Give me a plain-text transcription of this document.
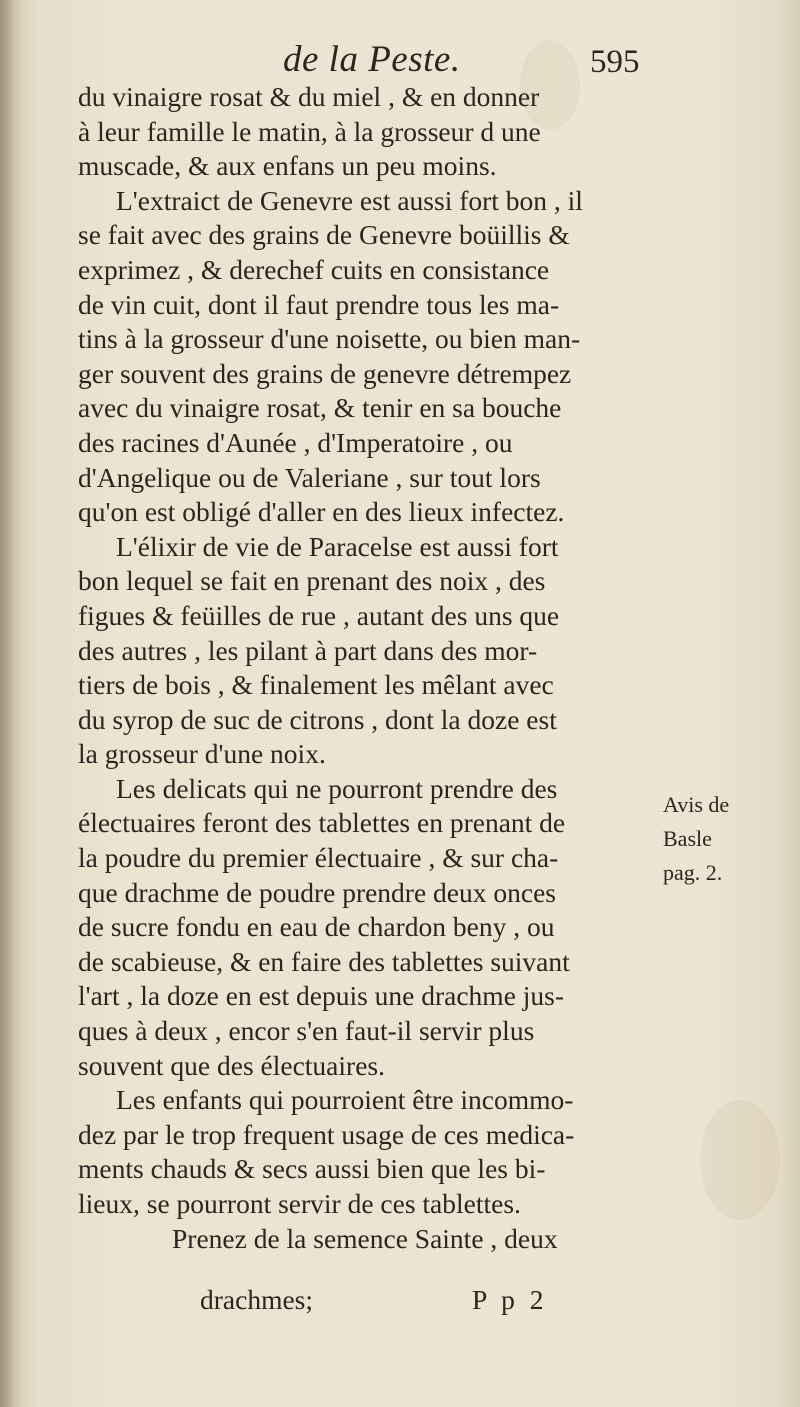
de la Peste.	595
du vinaigre rosat & du miel , & en donner
à leur famille le matin, à la grosseur d une
muscade, & aux enfans un peu moins.
L'extraict de Genevre est aussi fort bon , il
se fait avec des grains de Genevre boüillis &
exprimez , & derechef cuits en consistance
de vin cuit, dont il faut prendre tous les ma-
tins à la grosseur d'une noisette, ou bien man-
ger souvent des grains de genevre détrempez
avec du vinaigre rosat, & tenir en sa bouche
des racines d'Aunée , d'Imperatoire , ou
d'Angelique ou de Valeriane , sur tout lors
qu'on est obligé d'aller en des lieux infectez.
L'élixir de vie de Paracelse est aussi fort
bon lequel se fait en prenant des noix , des
figues & feüilles de rue , autant des uns que
des autres , les pilant à part dans des mor-
tiers de bois , & finalement les mêlant avec
du syrop de suc de citrons , dont la doze est
la grosseur d'une noix.
Les delicats qui ne pourront prendre des
électuaires feront des tablettes en prenant de
la poudre du premier électuaire , & sur cha-
que drachme de poudre prendre deux onces
de sucre fondu en eau de chardon beny , ou
de scabieuse, & en faire des tablettes suivant
l'art , la doze en est depuis une drachme jus-
ques à deux , encor s'en faut-il servir plus
souvent que des électuaires.
Les enfants qui pourroient être incommo-
dez par le trop frequent usage de ces medica-
ments chauds & secs aussi bien que les bi-
lieux, se pourront servir de ces tablettes.
Prenez de la semence Sainte , deux
Avis de
Basle
pag. 2.
drachmes;	P p 2
